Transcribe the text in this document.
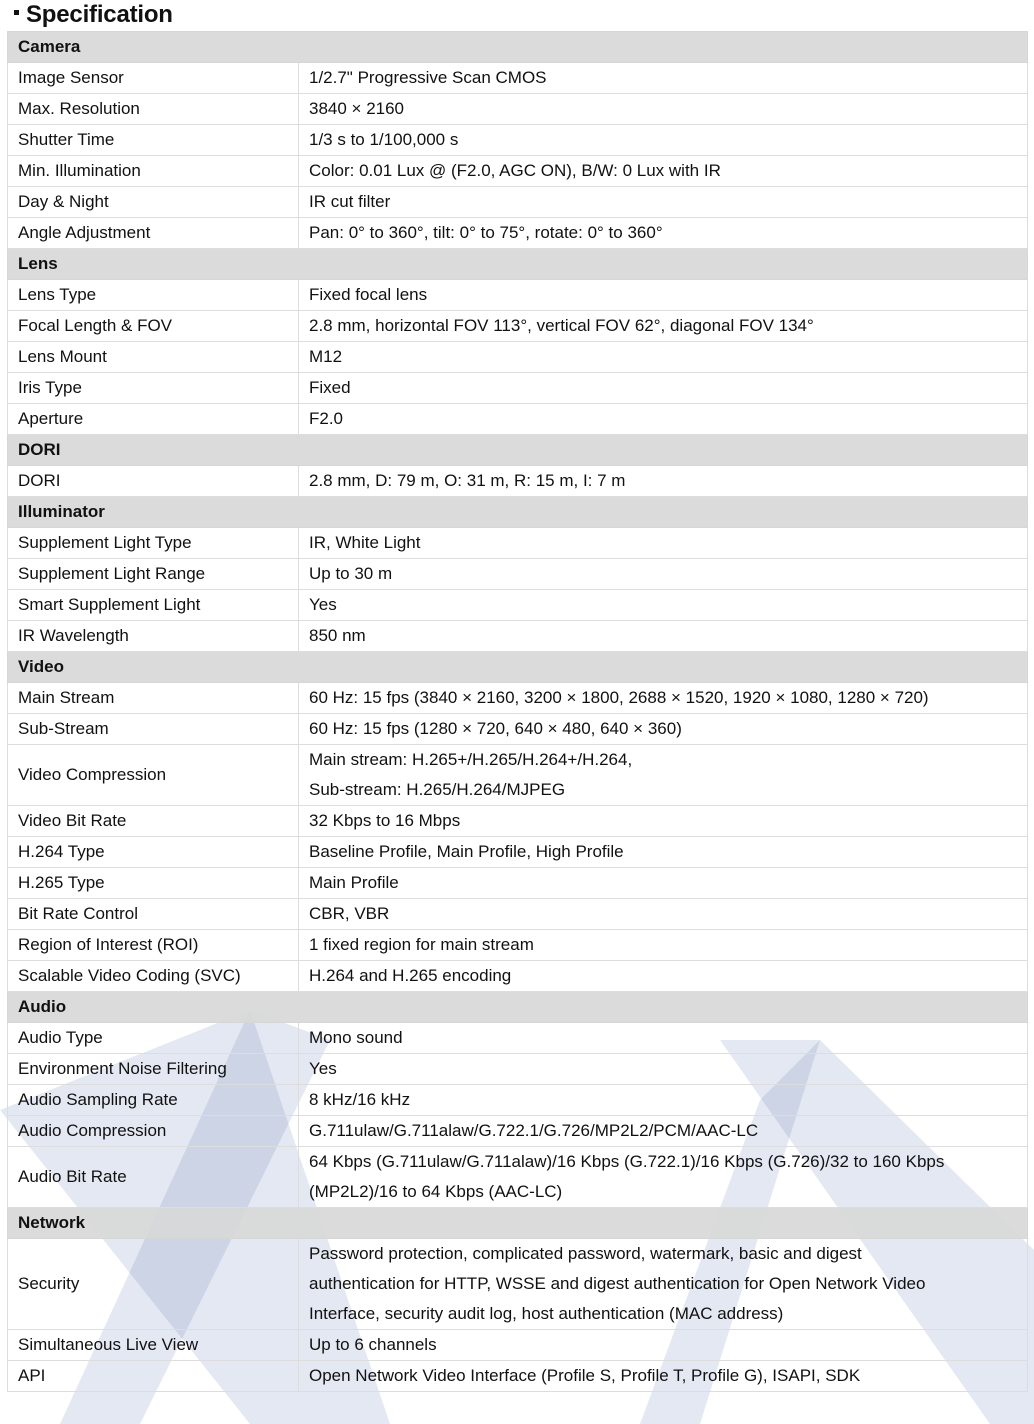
Specification
Camera	
Image Sensor	1/2.7" Progressive Scan CMOS
Max. Resolution	3840 × 2160
Shutter Time	1/3 s to 1/100,000 s
Min. Illumination	Color: 0.01 Lux @ (F2.0, AGC ON), B/W: 0 Lux with IR
Day & Night	IR cut filter
Angle Adjustment	Pan: 0° to 360°, tilt: 0° to 75°, rotate: 0° to 360°
Lens	
Lens Type	Fixed focal lens
Focal Length & FOV	2.8 mm, horizontal FOV 113°, vertical FOV 62°, diagonal FOV 134°
Lens Mount	M12
Iris Type	Fixed
Aperture	F2.0
DORI	
DORI	2.8 mm, D: 79 m, O: 31 m, R: 15 m, I: 7 m
Illuminator	
Supplement Light Type	IR, White Light
Supplement Light Range	Up to 30 m
Smart Supplement Light	Yes
IR Wavelength	850 nm
Video	
Main Stream	60 Hz: 15 fps (3840 × 2160, 3200 × 1800, 2688 × 1520, 1920 × 1080, 1280 × 720)
Sub-Stream	60 Hz: 15 fps (1280 × 720, 640 × 480, 640 × 360)
Video Compression	Main stream: H.265+/H.265/H.264+/H.264,
Sub-stream: H.265/H.264/MJPEG
Video Bit Rate	32 Kbps to 16 Mbps
H.264 Type	Baseline Profile, Main Profile, High Profile
H.265 Type	Main Profile
Bit Rate Control	CBR, VBR
Region of Interest (ROI)	1 fixed region for main stream
Scalable Video Coding (SVC)	H.264 and H.265 encoding
Audio	
Audio Type	Mono sound
Environment Noise Filtering	Yes
Audio Sampling Rate	8 kHz/16 kHz
Audio Compression	G.711ulaw/G.711alaw/G.722.1/G.726/MP2L2/PCM/AAC-LC
Audio Bit Rate	64 Kbps (G.711ulaw/G.711alaw)/16 Kbps (G.722.1)/16 Kbps (G.726)/32 to 160 Kbps
(MP2L2)/16 to 64 Kbps (AAC-LC)
Network	
Security	Password protection, complicated password, watermark, basic and digest
authentication for HTTP, WSSE and digest authentication for Open Network Video
Interface, security audit log, host authentication (MAC address)
Simultaneous Live View	Up to 6 channels
API	Open Network Video Interface (Profile S, Profile T, Profile G), ISAPI, SDK
